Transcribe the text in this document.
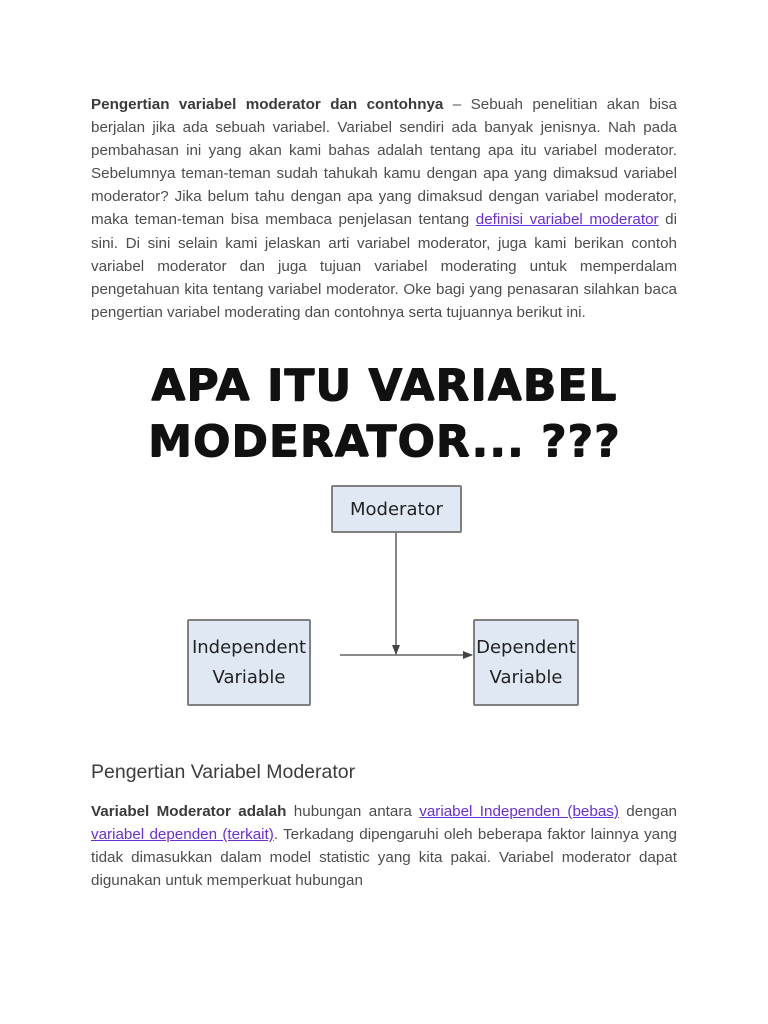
Pengertian variabel moderator dan contohnya – Sebuah penelitian akan bisa berjalan jika ada sebuah variabel. Variabel sendiri ada banyak jenisnya. Nah pada pembahasan ini yang akan kami bahas adalah tentang apa itu variabel moderator. Sebelumnya teman-teman sudah tahukah kamu dengan apa yang dimaksud variabel moderator? Jika belum tahu dengan apa yang dimaksud dengan variabel moderator, maka teman-teman bisa membaca penjelasan tentang definisi variabel moderator di sini. Di sini selain kami jelaskan arti variabel moderator, juga kami berikan contoh variabel moderator dan juga tujuan variabel moderating untuk memperdalam pengetahuan kita tentang variabel moderator. Oke bagi yang penasaran silahkan baca pengertian variabel moderating dan contohnya serta tujuannya berikut ini.

APA ITU VARIABEL
MODERATOR... ???
Moderator
Independent
Variable
Dependent
Variable
Pengertian Variabel Moderator

Variabel Moderator adalah hubungan antara variabel Independen (bebas) dengan variabel dependen (terkait). Terkadang dipengaruhi oleh beberapa faktor lainnya yang tidak dimasukkan dalam model statistic yang kita pakai. Variabel moderator dapat digunakan untuk memperkuat hubungan
